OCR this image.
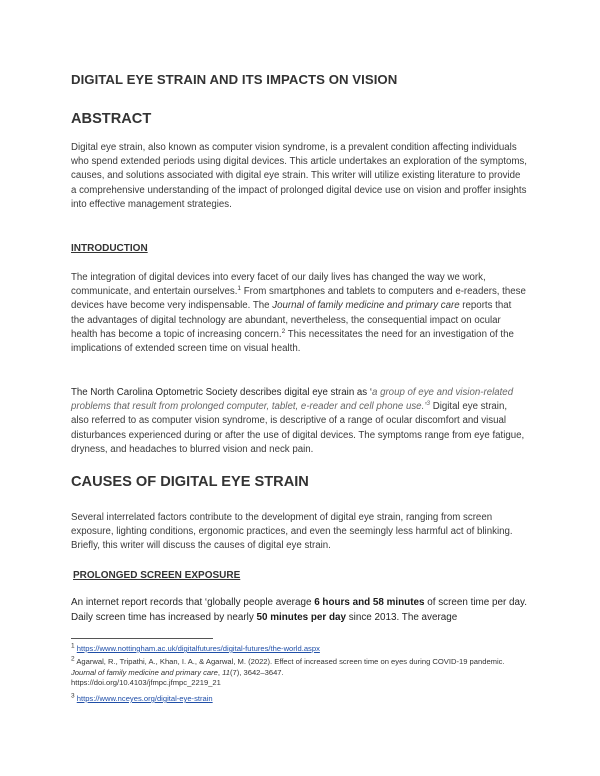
DIGITAL EYE STRAIN AND ITS IMPACTS ON VISION
ABSTRACT

Digital eye strain, also known as computer vision syndrome, is a prevalent condition affecting individuals who spend extended periods using digital devices. This article undertakes an exploration of the symptoms, causes, and solutions associated with digital eye strain. This writer will utilize existing literature to provide a comprehensive understanding of the impact of prolonged digital device use on vision and proffer insights into effective management strategies.

INTRODUCTION

The integration of digital devices into every facet of our daily lives has changed the way we work, communicate, and entertain ourselves.$^1$ From smartphones and tablets to computers and e-readers, these devices have become very indispensable. The Journal of family medicine and primary care reports that the advantages of digital technology are abundant, nevertheless, the consequential impact on ocular health has become a topic of increasing concern.$^2$ This necessitates the need for an investigation of the implications of extended screen time on visual health.

The North Carolina Optometric Society describes digital eye strain as ‘a group of eye and vision-related problems that result from prolonged computer, tablet, e-reader and cell phone use.’$^3$ Digital eye strain, also referred to as computer vision syndrome, is descriptive of a range of ocular discomfort and visual disturbances experienced during or after the use of digital devices. The symptoms range from eye fatigue, dryness, and headaches to blurred vision and neck pain.

CAUSES OF DIGITAL EYE STRAIN

Several interrelated factors contribute to the development of digital eye strain, ranging from screen exposure, lighting conditions, ergonomic practices, and even the seemingly less harmful act of blinking. Briefly, this writer will discuss the causes of digital eye strain.

PROLONGED SCREEN EXPOSURE

An internet report records that ‘globally people average 6 hours and 58 minutes of screen time per day. Daily screen time has increased by nearly 50 minutes per day since 2013. The average

1 https://www.nottingham.ac.uk/digitalfutures/digital-futures/the-world.aspx

2 Agarwal, R., Tripathi, A., Khan, I. A., & Agarwal, M. (2022). Effect of increased screen time on eyes during COVID-19 pandemic. Journal of family medicine and primary care, 11(7), 3642–3647.
https://doi.org/10.4103/jfmpc.jfmpc_2219_21

3 https://www.nceyes.org/digital-eye-strain
